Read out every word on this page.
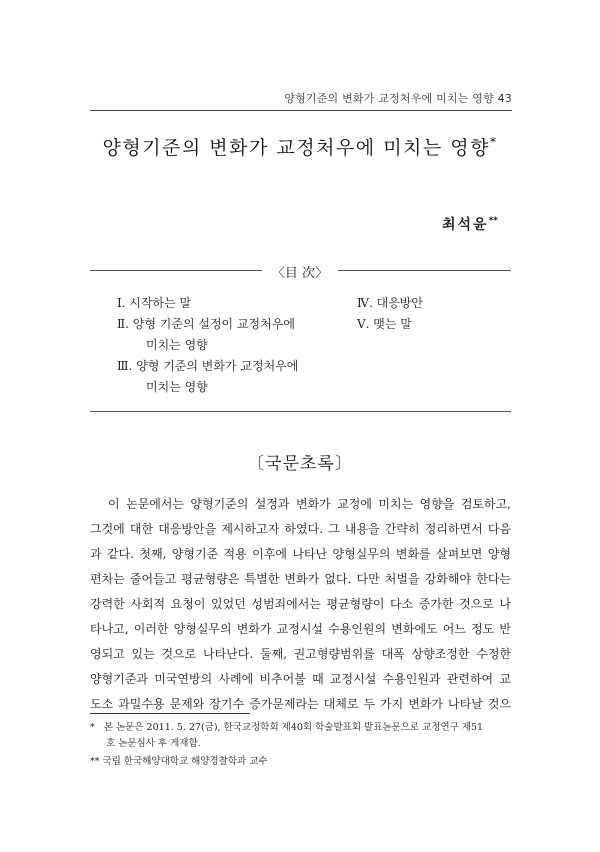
양형기준의 변화가 교정처우에 미치는 영향 43
양형기준의 변화가 교정처우에 미치는 영향*
최석윤**
〈目 次〉
Ⅰ. 시작하는 말
Ⅱ. 양형 기준의 설정이 교정처우에
미치는 영향
Ⅲ. 양형 기준의 변화가 교정처우에
미치는 영향
Ⅳ. 대응방안
Ⅴ. 맺는 말
〔국문초록〕
이 논문에서는 양형기준의 설정과 변화가 교정에 미치는 영향을 검토하고,
그것에 대한 대응방안을 제시하고자 하였다. 그 내용을 간략히 정리하면서 다음
과 같다. 첫째, 양형기준 적용 이후에 나타난 양형실무의 변화를 살펴보면 양형
편차는 줄어들고 평균형량은 특별한 변화가 없다. 다만 처벌을 강화해야 한다는
강력한 사회적 요청이 있었던 성범죄에서는 평균형량이 다소 증가한 것으로 나
타나고, 이러한 양형실무의 변화가 교정시설 수용인원의 변화에도 어느 정도 반
영되고 있는 것으로 나타난다. 둘째, 권고형량범위를 대폭 상향조정한 수정한
양형기준과 미국연방의 사례에 비추어볼 때 교정시설 수용인원과 관련하여 교
도소 과밀수용 문제와 장기수 증가문제라는 대체로 두 가지 변화가 나타날 것으
* 본 논문은 2011. 5. 27(금), 한국교정학회 제40회 학술발표회 발표논문으로 교정연구 제51
호 논문심사 후 게재함.
** 국립 한국해양대학교 해양경찰학과 교수
